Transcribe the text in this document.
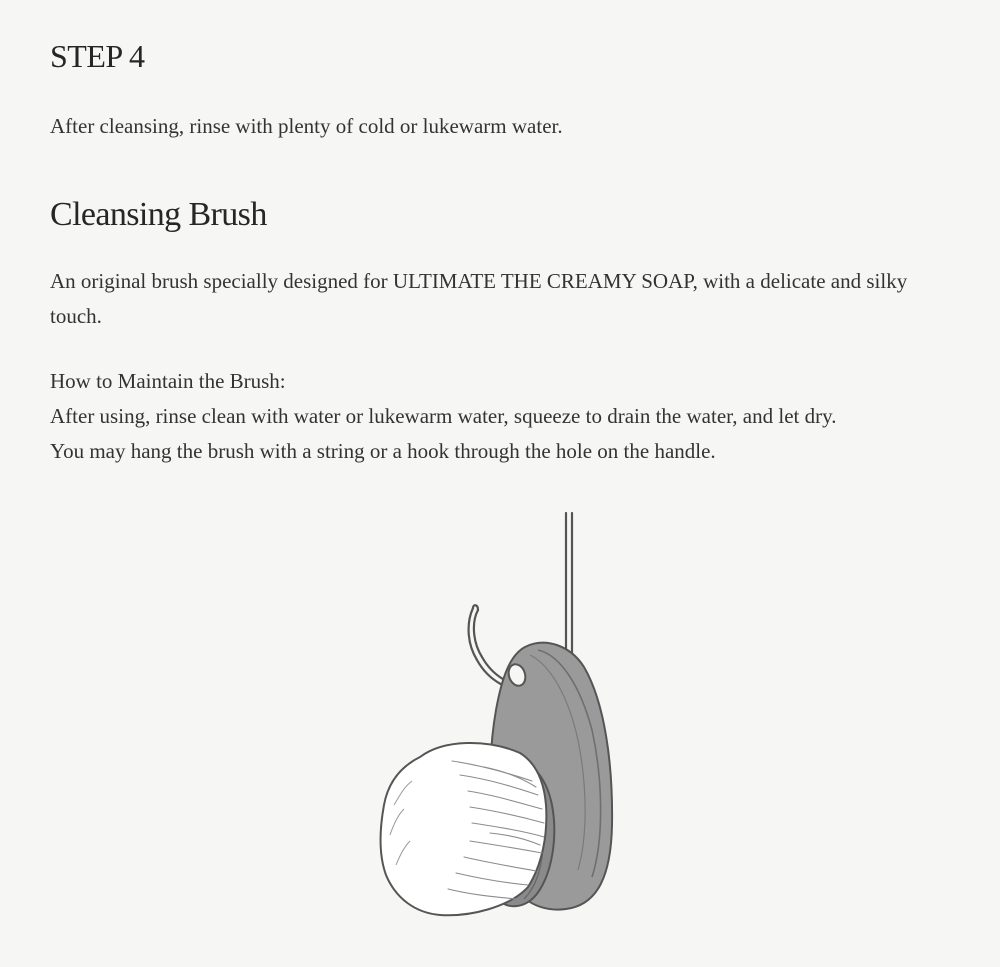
STEP 4

After cleansing, rinse with plenty of cold or lukewarm water.

Cleansing Brush

An original brush specially designed for ULTIMATE THE CREAMY SOAP, with a delicate and silky touch.

How to Maintain the Brush:
After using, rinse clean with water or lukewarm water, squeeze to drain the water, and let dry.
You may hang the brush with a string or a hook through the hole on the handle.
